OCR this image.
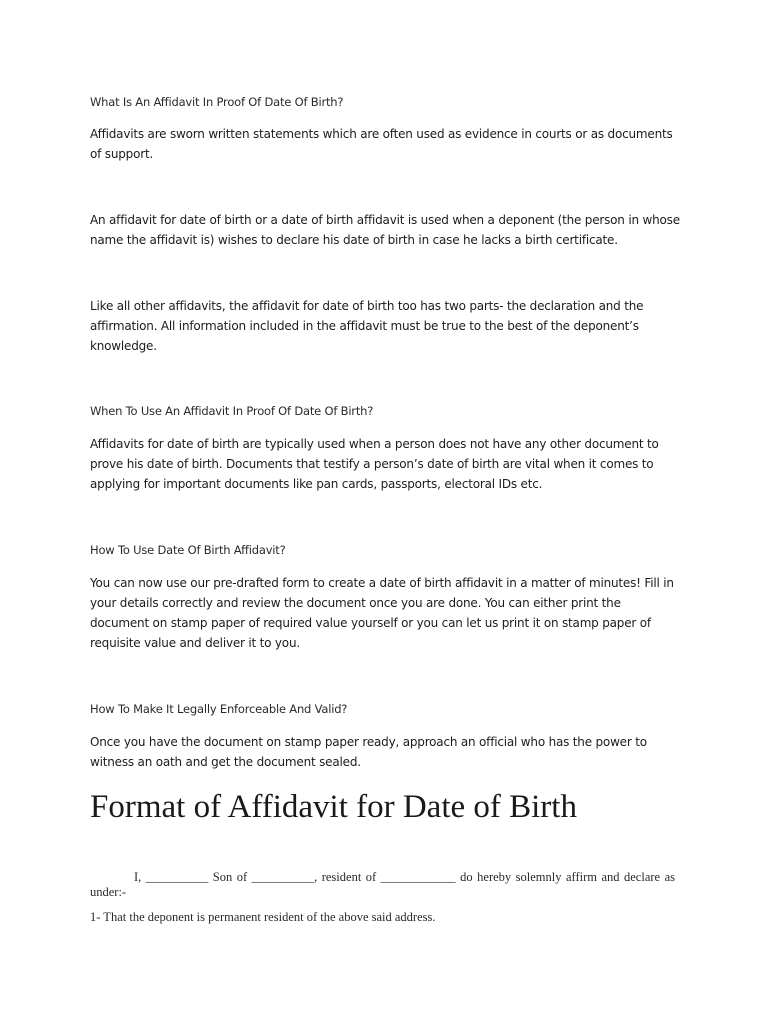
What Is An Affidavit In Proof Of Date Of Birth?

Affidavits are sworn written statements which are often used as evidence in courts or as documents of support.

An affidavit for date of birth or a date of birth affidavit is used when a deponent (the person in whose name the affidavit is) wishes to declare his date of birth in case he lacks a birth certificate.

Like all other affidavits, the affidavit for date of birth too has two parts- the declaration and the affirmation. All information included in the affidavit must be true to the best of the deponent’s knowledge.

When To Use An Affidavit In Proof Of Date Of Birth?

Affidavits for date of birth are typically used when a person does not have any other document to prove his date of birth. Documents that testify a person’s date of birth are vital when it comes to applying for important documents like pan cards, passports, electoral IDs etc.

How To Use Date Of Birth Affidavit?

You can now use our pre-drafted form to create a date of birth affidavit in a matter of minutes! Fill in your details correctly and review the document once you are done. You can either print the document on stamp paper of required value yourself or you can let us print it on stamp paper of requisite value and deliver it to you.

How To Make It Legally Enforceable And Valid?

Once you have the document on stamp paper ready, approach an official who has the power to witness an oath and get the document sealed.

Format of Affidavit for Date of Birth

I, __________ Son of __________, resident of ____________ do hereby solemnly affirm and declare as under:-

1- That the deponent is permanent resident of the above said address.
